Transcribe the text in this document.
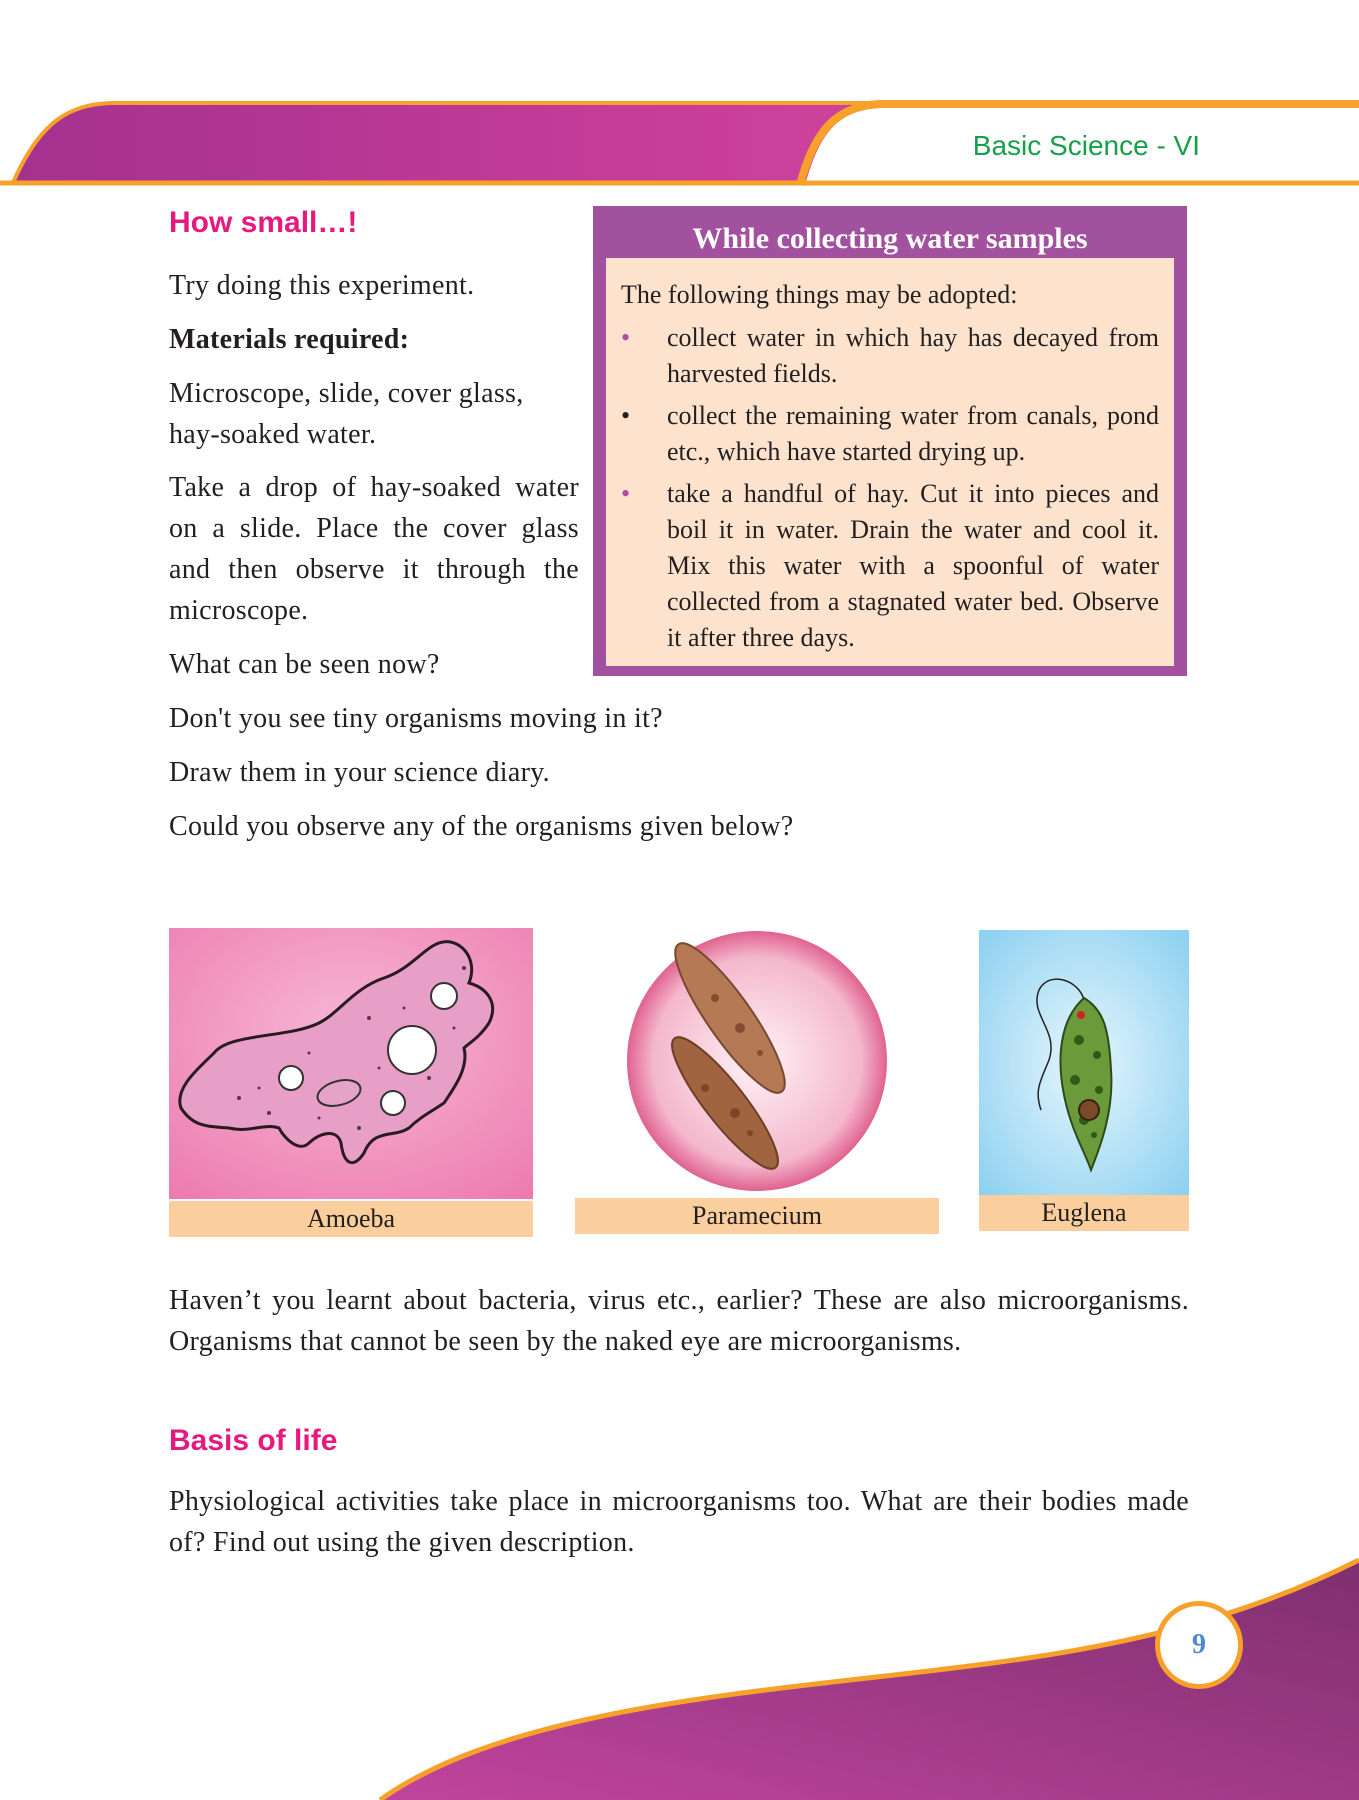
Basic Science - VI
How small…!
Try doing this experiment.
Materials required:
Microscope, slide, cover glass, hay-soaked water.
Take a drop of hay-soaked water on a slide. Place the cover glass and then observe it through the microscope.
What can be seen now?
Don't you see tiny organisms moving in it?
Draw them in your science diary.
Could you observe any of the organisms given below?
While collecting water samples
The following things may be adopted:
•	collect water in which hay has decayed from harvested fields.
•	collect the remaining water from canals, pond etc., which have started drying up.
•	take a handful of hay. Cut it into pieces and boil it in water. Drain the water and cool it. Mix this water with a spoonful of water collected from a stagnated water bed. Observe it after three days.
Amoeba	Paramecium	Euglena
Haven’t you learnt about bacteria, virus etc., earlier? These are also microorganisms. Organisms that cannot be seen by the naked eye are microorganisms.
Basis of life
Physiological activities take place in microorganisms too. What are their bodies made of? Find out using the given description.
9
